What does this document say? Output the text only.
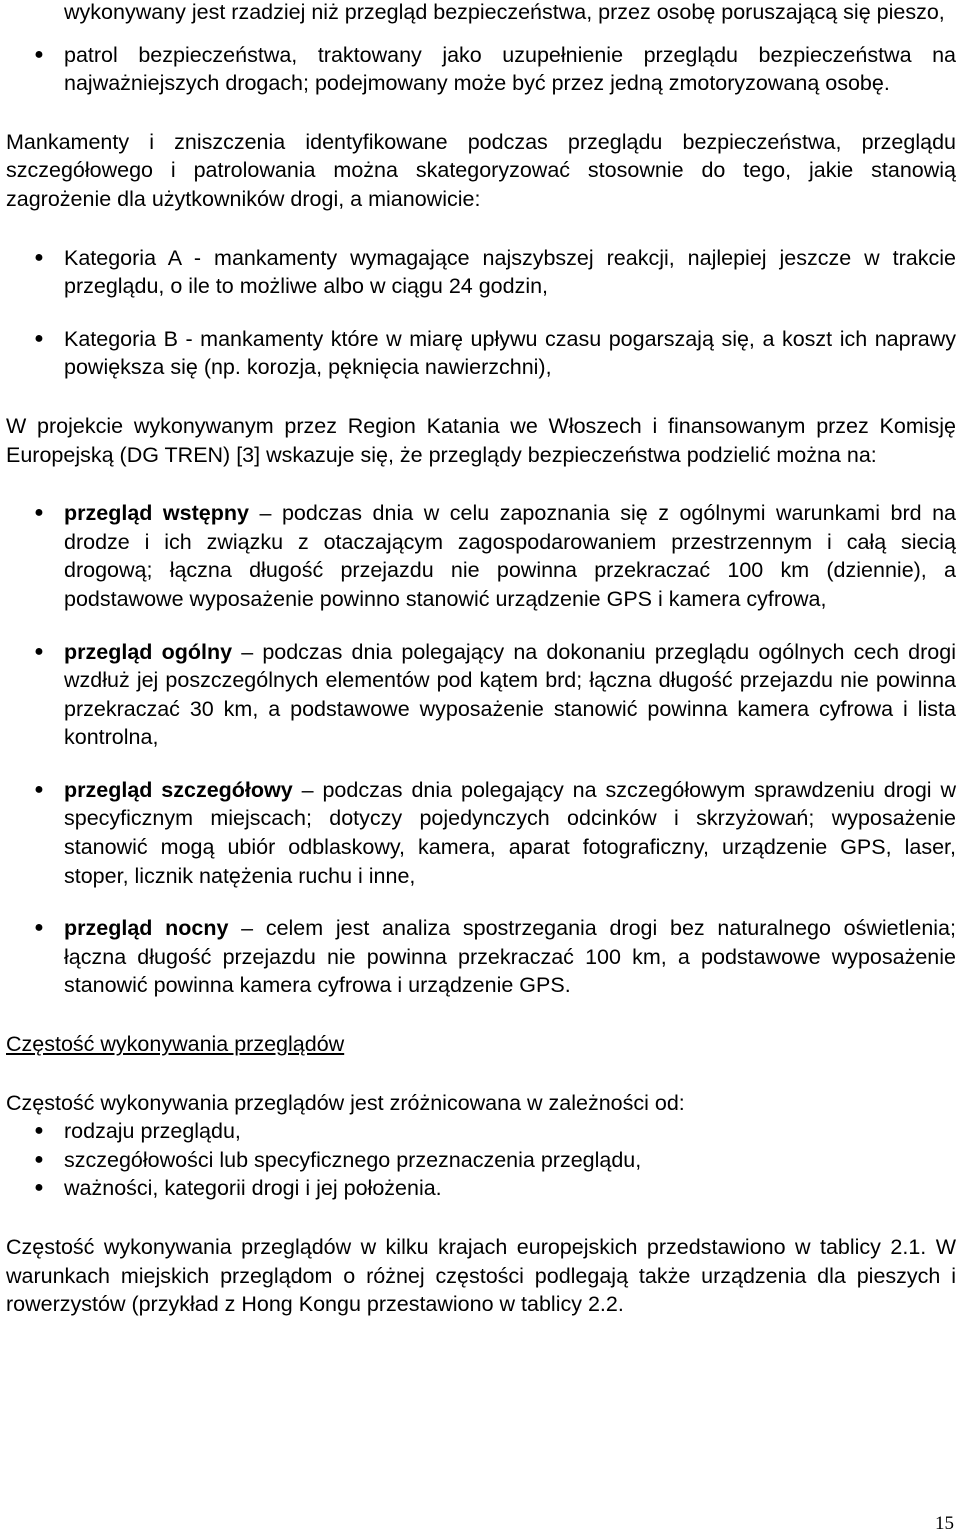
wykonywany jest rzadziej niż przegląd bezpieczeństwa, przez osobę poruszającą się pieszo,

● patrol bezpieczeństwa, traktowany jako uzupełnienie przeglądu bezpieczeństwa na najważniejszych drogach; podejmowany może być przez jedną zmotoryzowaną osobę.

Mankamenty i zniszczenia identyfikowane podczas przeglądu bezpieczeństwa, przeglądu szczegółowego i patrolowania można skategoryzować stosownie do tego, jakie stanowią zagrożenie dla użytkowników drogi, a mianowicie:

● Kategoria A - mankamenty wymagające najszybszej reakcji, najlepiej jeszcze w trakcie przeglądu, o ile to możliwe albo w ciągu 24 godzin,

● Kategoria B - mankamenty które w miarę upływu czasu pogarszają się, a koszt ich naprawy powiększa się (np. korozja, pęknięcia nawierzchni),

W projekcie wykonywanym przez Region Katania we Włoszech i finansowanym przez Komisję Europejską (DG TREN) [3] wskazuje się, że przeglądy bezpieczeństwa podzielić można na:

● przegląd wstępny – podczas dnia w celu zapoznania się z ogólnymi warunkami brd na drodze i ich związku z otaczającym zagospodarowaniem przestrzennym i całą siecią drogową; łączna długość przejazdu nie powinna przekraczać 100 km (dziennie), a podstawowe wyposażenie powinno stanowić urządzenie GPS i kamera cyfrowa,

● przegląd ogólny – podczas dnia polegający na dokonaniu przeglądu ogólnych cech drogi wzdłuż jej poszczególnych elementów pod kątem brd; łączna długość przejazdu nie powinna przekraczać 30 km, a podstawowe wyposażenie stanowić powinna kamera cyfrowa i lista kontrolna,

● przegląd szczegółowy – podczas dnia polegający na szczegółowym sprawdzeniu drogi w specyficznym miejscach; dotyczy pojedynczych odcinków i skrzyżowań; wyposażenie stanowić mogą ubiór odblaskowy, kamera, aparat fotograficzny, urządzenie GPS, laser, stoper, licznik natężenia ruchu i inne,

● przegląd nocny – celem jest analiza spostrzegania drogi bez naturalnego oświetlenia; łączna długość przejazdu nie powinna przekraczać 100 km, a podstawowe wyposażenie stanowić powinna kamera cyfrowa i urządzenie GPS.

Częstość wykonywania przeglądów

Częstość wykonywania przeglądów jest zróżnicowana w zależności od:

● rodzaju przeglądu,

● szczegółowości lub specyficznego przeznaczenia przeglądu,

● ważności, kategorii drogi i jej położenia.

Częstość wykonywania przeglądów w kilku krajach europejskich przedstawiono w tablicy 2.1. W warunkach miejskich przeglądom o różnej częstości podlegają także urządzenia dla pieszych i rowerzystów (przykład z Hong Kongu przestawiono w tablicy 2.2.

15
